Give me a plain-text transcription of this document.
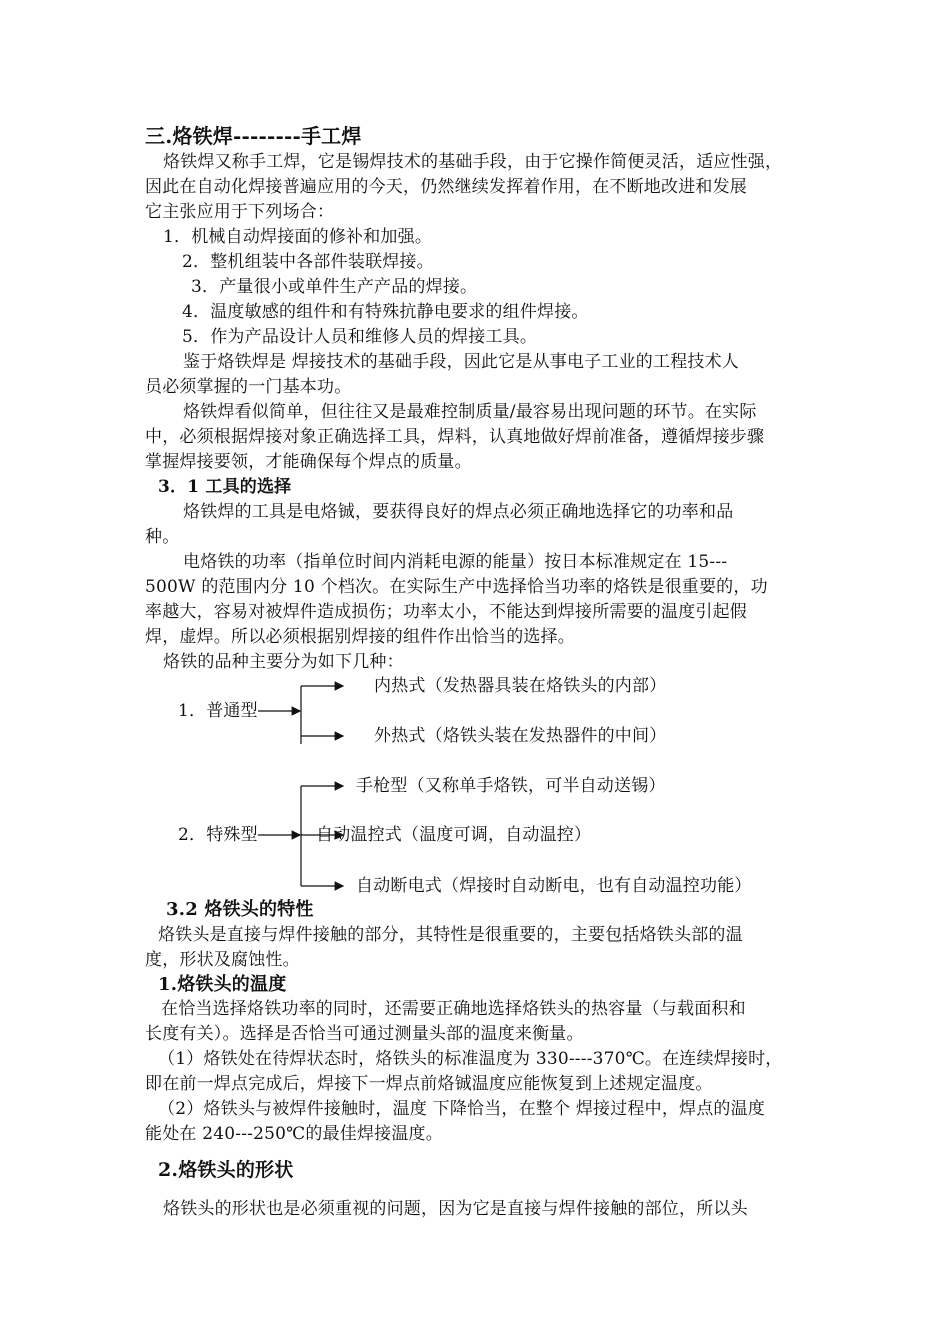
三.烙铁焊--------手工焊
烙铁焊又称手工焊，它是锡焊技术的基础手段，由于它操作简便灵活，适应性强，
因此在自动化焊接普遍应用的今天，仍然继续发挥着作用，在不断地改进和发展
它主张应用于下列场合：
1．机械自动焊接面的修补和加强。
2．整机组装中各部件装联焊接。
3．产量很小或单件生产产品的焊接。
4．温度敏感的组件和有特殊抗静电要求的组件焊接。
5．作为产品设计人员和维修人员的焊接工具。
鉴于烙铁焊是 焊接技术的基础手段，因此它是从事电子工业的工程技术人
员必须掌握的一门基本功。
烙铁焊看似简单，但往往又是最难控制质量/最容易出现问题的环节。在实际
中，必须根据焊接对象正确选择工具，焊料，认真地做好焊前准备，遵循焊接步骤
掌握焊接要领，才能确保每个焊点的质量。
3．1 工具的选择
烙铁焊的工具是电烙铖，要获得良好的焊点必须正确地选择它的功率和品
种。
电烙铁的功率（指单位时间内消耗电源的能量）按日本标准规定在 15---
500W 的范围内分 10 个档次。在实际生产中选择恰当功率的烙铁是很重要的，功
率越大，容易对被焊件造成损伤；功率太小，不能达到焊接所需要的温度引起假
焊，虚焊。所以必须根据别焊接的组件作出恰当的选择。
烙铁的品种主要分为如下几种：
1．普通型
内热式（发热器具装在烙铁头的内部）
外热式（烙铁头装在发热器件的中间）
2．特殊型
手枪型（又称单手烙铁，可半自动送锡）
自动温控式（温度可调，自动温控）
自动断电式（焊接时自动断电，也有自动温控功能）
3.2 烙铁头的特性
烙铁头是直接与焊件接触的部分，其特性是很重要的，主要包括烙铁头部的温
度，形状及腐蚀性。
1.烙铁头的温度
在恰当选择烙铁功率的同时，还需要正确地选择烙铁头的热容量（与载面积和
长度有关）。选择是否恰当可通过测量头部的温度来衡量。
（1）烙铁处在待焊状态时，烙铁头的标准温度为 330----370℃。在连续焊接时，
即在前一焊点完成后，焊接下一焊点前烙铖温度应能恢复到上述规定温度。
（2）烙铁头与被焊件接触时，温度 下降恰当，在整个 焊接过程中，焊点的温度
能处在 240---250℃的最佳焊接温度。
2.烙铁头的形状
烙铁头的形状也是必须重视的问题，因为它是直接与焊件接触的部位，所以头
